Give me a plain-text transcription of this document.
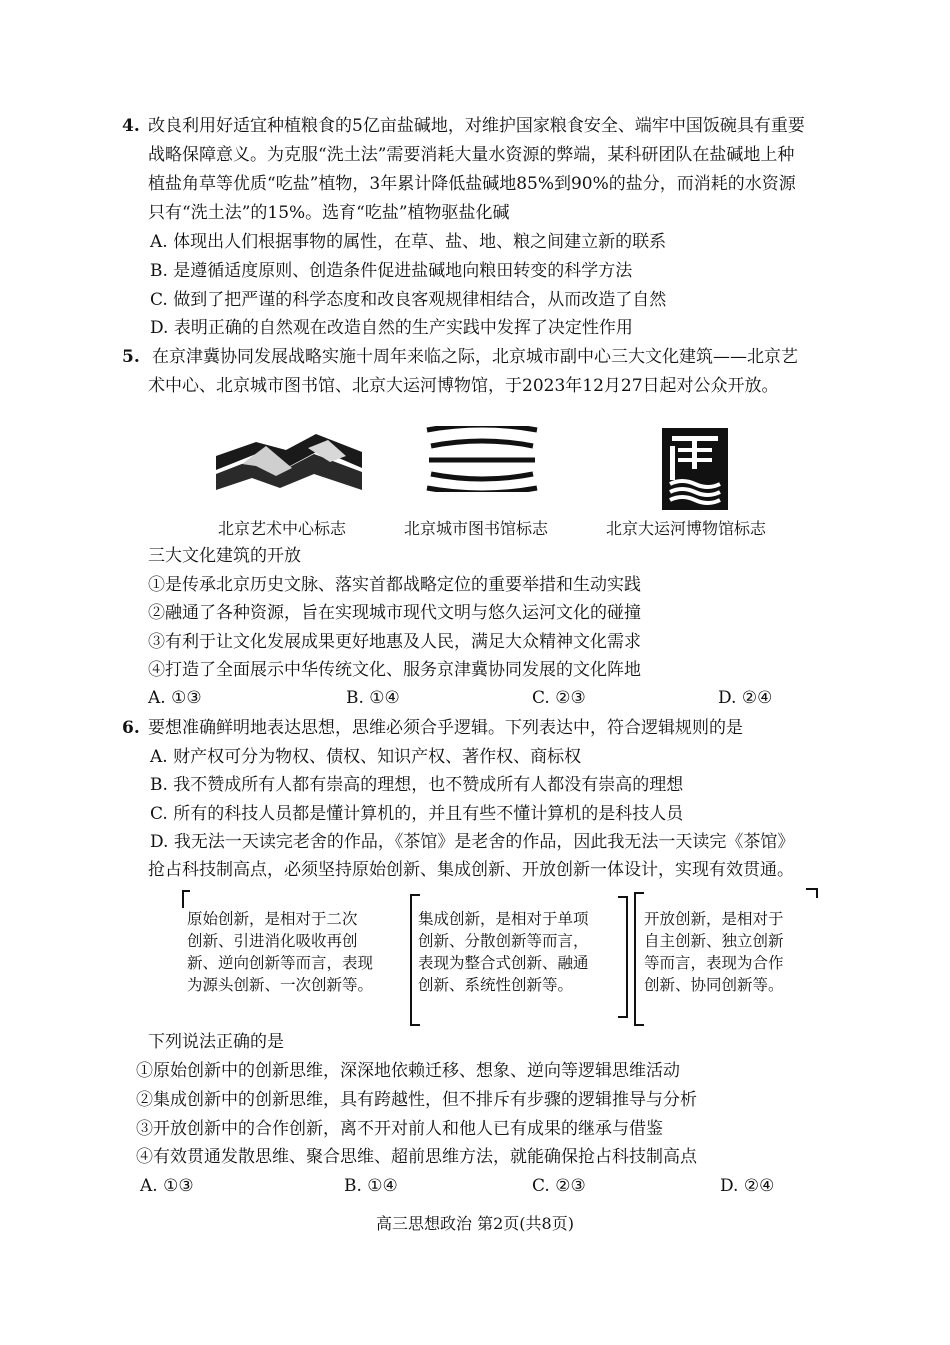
4. 改良利用好适宜种植粮食的5亿亩盐碱地，对维护国家粮食安全、端牢中国饭碗具有重要
战略保障意义。为克服“洗土法”需要消耗大量水资源的弊端，某科研团队在盐碱地上种
植盐角草等优质“吃盐”植物，3年累计降低盐碱地85%到90%的盐分，而消耗的水资源
只有“洗土法”的15%。选育“吃盐”植物驱盐化碱
A. 体现出人们根据事物的属性，在草、盐、地、粮之间建立新的联系
B. 是遵循适度原则、创造条件促进盐碱地向粮田转变的科学方法
C. 做到了把严谨的科学态度和改良客观规律相结合，从而改造了自然
D. 表明正确的自然观在改造自然的生产实践中发挥了决定性作用
5. 在京津冀协同发展战略实施十周年来临之际，北京城市副中心三大文化建筑——北京艺
术中心、北京城市图书馆、北京大运河博物馆，于2023年12月27日起对公众开放。
北京艺术中心标志	北京城市图书馆标志	北京大运河博物馆标志
三大文化建筑的开放
①是传承北京历史文脉、落实首都战略定位的重要举措和生动实践
②融通了各种资源，旨在实现城市现代文明与悠久运河文化的碰撞
③有利于让文化发展成果更好地惠及人民，满足大众精神文化需求
④打造了全面展示中华传统文化、服务京津冀协同发展的文化阵地
A. ①③	B. ①④	C. ②③	D. ②④
6. 要想准确鲜明地表达思想，思维必须合乎逻辑。下列表达中，符合逻辑规则的是
A. 财产权可分为物权、债权、知识产权、著作权、商标权
B. 我不赞成所有人都有崇高的理想，也不赞成所有人都没有崇高的理想
C. 所有的科技人员都是懂计算机的，并且有些不懂计算机的是科技人员
D. 我无法一天读完老舍的作品，《茶馆》是老舍的作品，因此我无法一天读完《茶馆》
抢占科技制高点，必须坚持原始创新、集成创新、开放创新一体设计，实现有效贯通。
原始创新，是相对于二次
创新、引进消化吸收再创
新、逆向创新等而言，表现
为源头创新、一次创新等。
集成创新，是相对于单项
创新、分散创新等而言，
表现为整合式创新、融通
创新、系统性创新等。
开放创新，是相对于
自主创新、独立创新
等而言，表现为合作
创新、协同创新等。
下列说法正确的是
①原始创新中的创新思维，深深地依赖迁移、想象、逆向等逻辑思维活动
②集成创新中的创新思维，具有跨越性，但不排斥有步骤的逻辑推导与分析
③开放创新中的合作创新，离不开对前人和他人已有成果的继承与借鉴
④有效贯通发散思维、聚合思维、超前思维方法，就能确保抢占科技制高点
A. ①③	B. ①④	C. ②③	D. ②④
高三思想政治 第2页(共8页)
